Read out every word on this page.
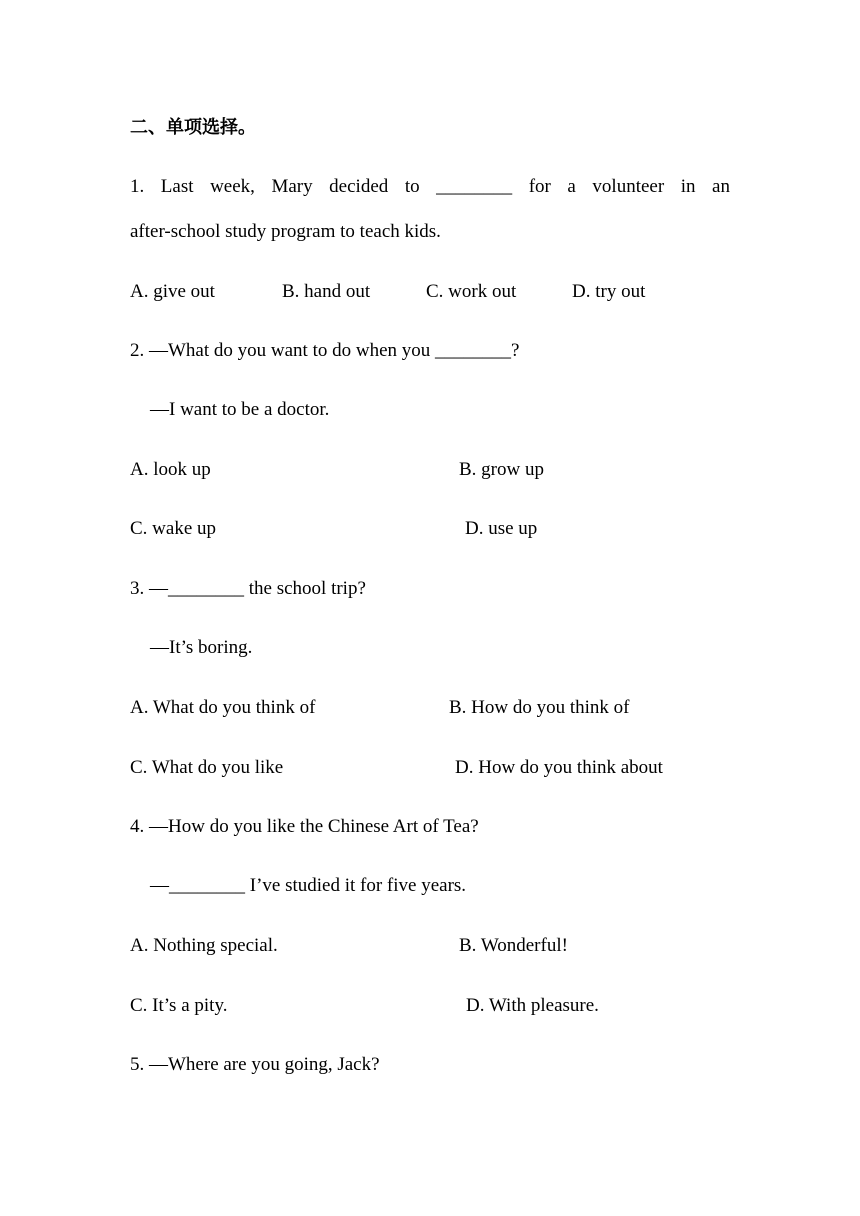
二、单项选择。
1. Last week, Mary decided to ________ for a volunteer in an
after-school study program to teach kids.
A. give out	B. hand out	C. work out	D. try out
2. —What do you want to do when you ________?
—I want to be a doctor.
A. look up	B. grow up
C. wake up	D. use up
3. —________ the school trip?
—It’s boring.
A. What do you think of	B. How do you think of
C. What do you like	D. How do you think about
4. —How do you like the Chinese Art of Tea?
—________ I’ve studied it for five years.
A. Nothing special.	B. Wonderful!
C. It’s a pity.	D. With pleasure.
5. —Where are you going, Jack?
